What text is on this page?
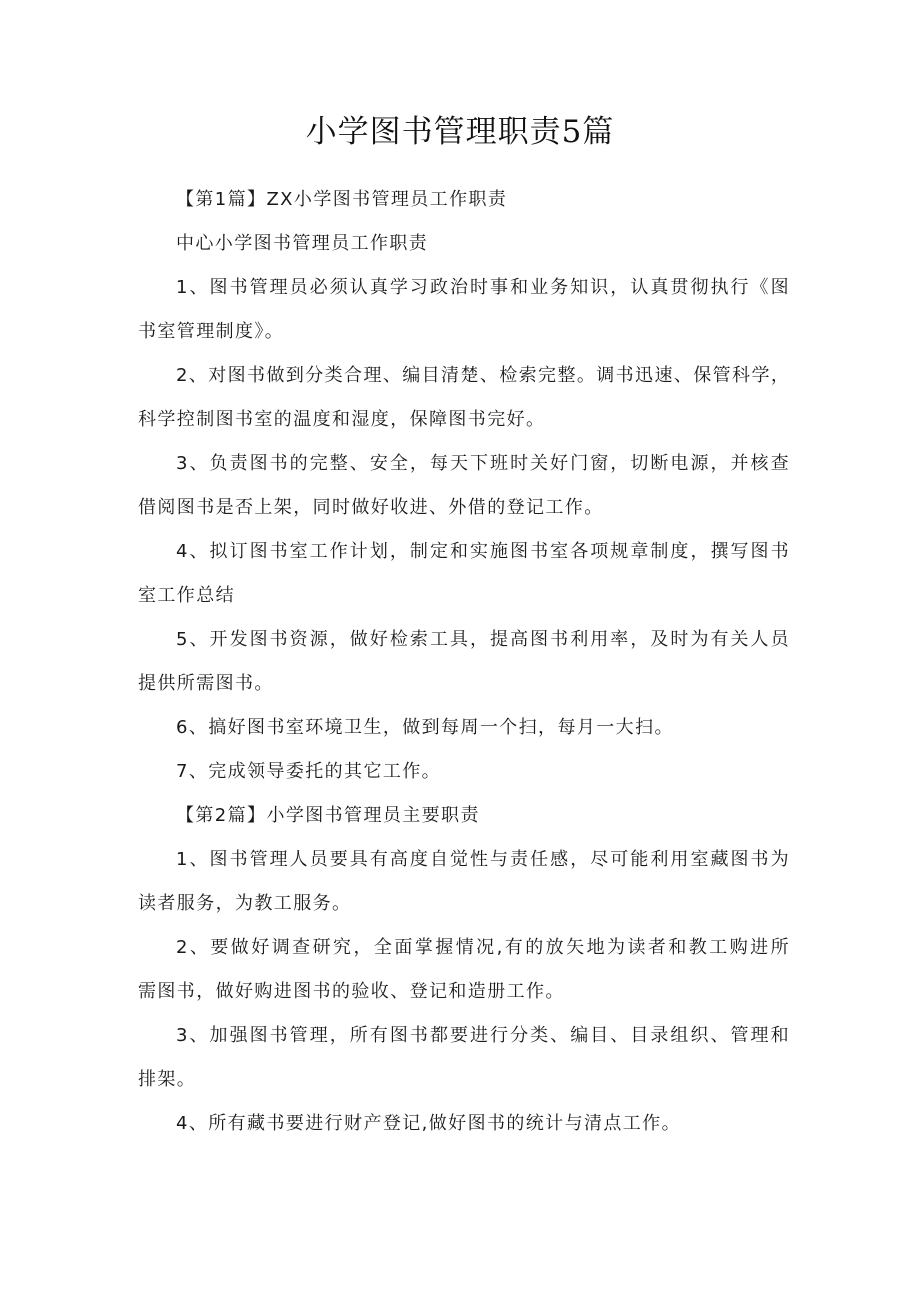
小学图书管理职责5篇

【第1篇】ZX小学图书管理员工作职责

中心小学图书管理员工作职责

1、图书管理员必须认真学习政治时事和业务知识，认真贯彻执行《图

书室管理制度》。

2、对图书做到分类合理、编目清楚、检索完整。调书迅速、保管科学，

科学控制图书室的温度和湿度，保障图书完好。

3、负责图书的完整、安全，每天下班时关好门窗，切断电源，并核查

借阅图书是否上架，同时做好收进、外借的登记工作。

4、拟订图书室工作计划，制定和实施图书室各项规章制度，撰写图书

室工作总结

5、开发图书资源，做好检索工具，提高图书利用率，及时为有关人员

提供所需图书。

6、搞好图书室环境卫生，做到每周一个扫，每月一大扫。

7、完成领导委托的其它工作。

【第2篇】小学图书管理员主要职责

1、图书管理人员要具有高度自觉性与责任感，尽可能利用室藏图书为

读者服务，为教工服务。

2、要做好调查研究，全面掌握情况,有的放矢地为读者和教工购进所

需图书，做好购进图书的验收、登记和造册工作。

3、加强图书管理，所有图书都要进行分类、编目、目录组织、管理和

排架。

4、所有藏书要进行财产登记,做好图书的统计与清点工作。
